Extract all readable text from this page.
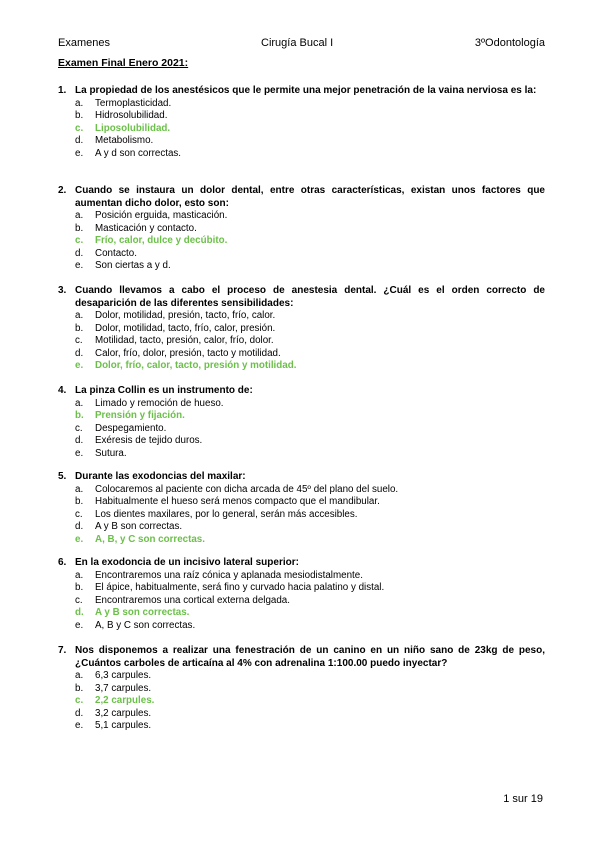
Examenes	Cirugía Bucal I	3ºOdontología
Examen Final Enero 2021:
1. La propiedad de los anestésicos que le permite una mejor penetración de la vaina nerviosa es la:
a. Termoplasticidad.
b. Hidrosolubilidad.
c. Liposolubilidad.
d. Metabolismo.
e. A y d son correctas.
2. Cuando se instaura un dolor dental, entre otras características, existan unos factores que aumentan dicho dolor, esto son:
a. Posición erguida, masticación.
b. Masticación y contacto.
c. Frío, calor, dulce y decúbito.
d. Contacto.
e. Son ciertas a y d.
3. Cuando llevamos a cabo el proceso de anestesia dental. ¿Cuál es el orden correcto de desaparición de las diferentes sensibilidades:
a. Dolor, motilidad, presión, tacto, frío, calor.
b. Dolor, motilidad, tacto, frío, calor, presión.
c. Motilidad, tacto, presión, calor, frío, dolor.
d. Calor, frío, dolor, presión, tacto y motilidad.
e. Dolor, frío, calor, tacto, presión y motilidad.
4. La pinza Collin es un instrumento de:
a. Limado y remoción de hueso.
b. Prensión y fijación.
c. Despegamiento.
d. Exéresis de tejido duros.
e. Sutura.
5. Durante las exodoncias del maxilar:
a. Colocaremos al paciente con dicha arcada de 45º del plano del suelo.
b. Habitualmente el hueso será menos compacto que el mandibular.
c. Los dientes maxilares, por lo general, serán más accesibles.
d. A y B son correctas.
e. A, B, y C son correctas.
6. En la exodoncia de un incisivo lateral superior:
a. Encontraremos una raíz cónica y aplanada mesiodistalmente.
b. El ápice, habitualmente, será fino y curvado hacia palatino y distal.
c. Encontraremos una cortical externa delgada.
d. A y B son correctas.
e. A, B y C son correctas.
7. Nos disponemos a realizar una fenestración de un canino en un niño sano de 23kg de peso, ¿Cuántos carboles de articaína al 4% con adrenalina 1:100.00 puedo inyectar?
a. 6,3 carpules.
b. 3,7 carpules.
c. 2,2 carpules.
d. 3,2 carpules.
e. 5,1 carpules.
1 sur 19
